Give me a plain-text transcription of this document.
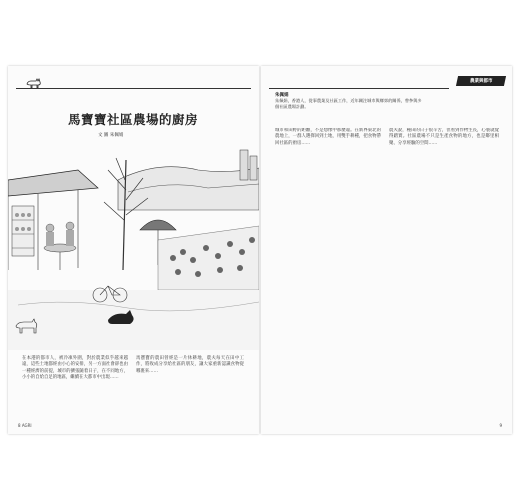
馬寶寶社區農場的廚房
文 圖 朱佩娟
在本港的都市人，被冷凍外圍，對於農業似乎越來越遠，這些土地都經由小心的安排，另一方面社會卻也由一種經濟的前提，城市的擴張隨着日子，在不同地方，小小的自給自足的地區，繼續在大都市中出現……
馬寶寶的農田曾經是一片休耕地，農夫每天在田中工作，將收成分享給社區的朋友，讓大家重新認識食物從哪裏來……
8 AGRI
農業與都市
朱佩娟
朱佩娟，香港人，從事農業及社區工作，近年關注城市與鄉郊的關係，曾參與多個社區農場計劃。
城市和田野的距離，不是想像中那麼遠。在新界東北的農地上，一群人選擇回到土地，用雙手耕種，把食物帶回社區的廚房……
農夫說，種田的日子很辛苦，但看到作物生長，心裏就覺得踏實。社區農場不只是生產食物的地方，也是鄰里相聚、分享經驗的空間……
9
